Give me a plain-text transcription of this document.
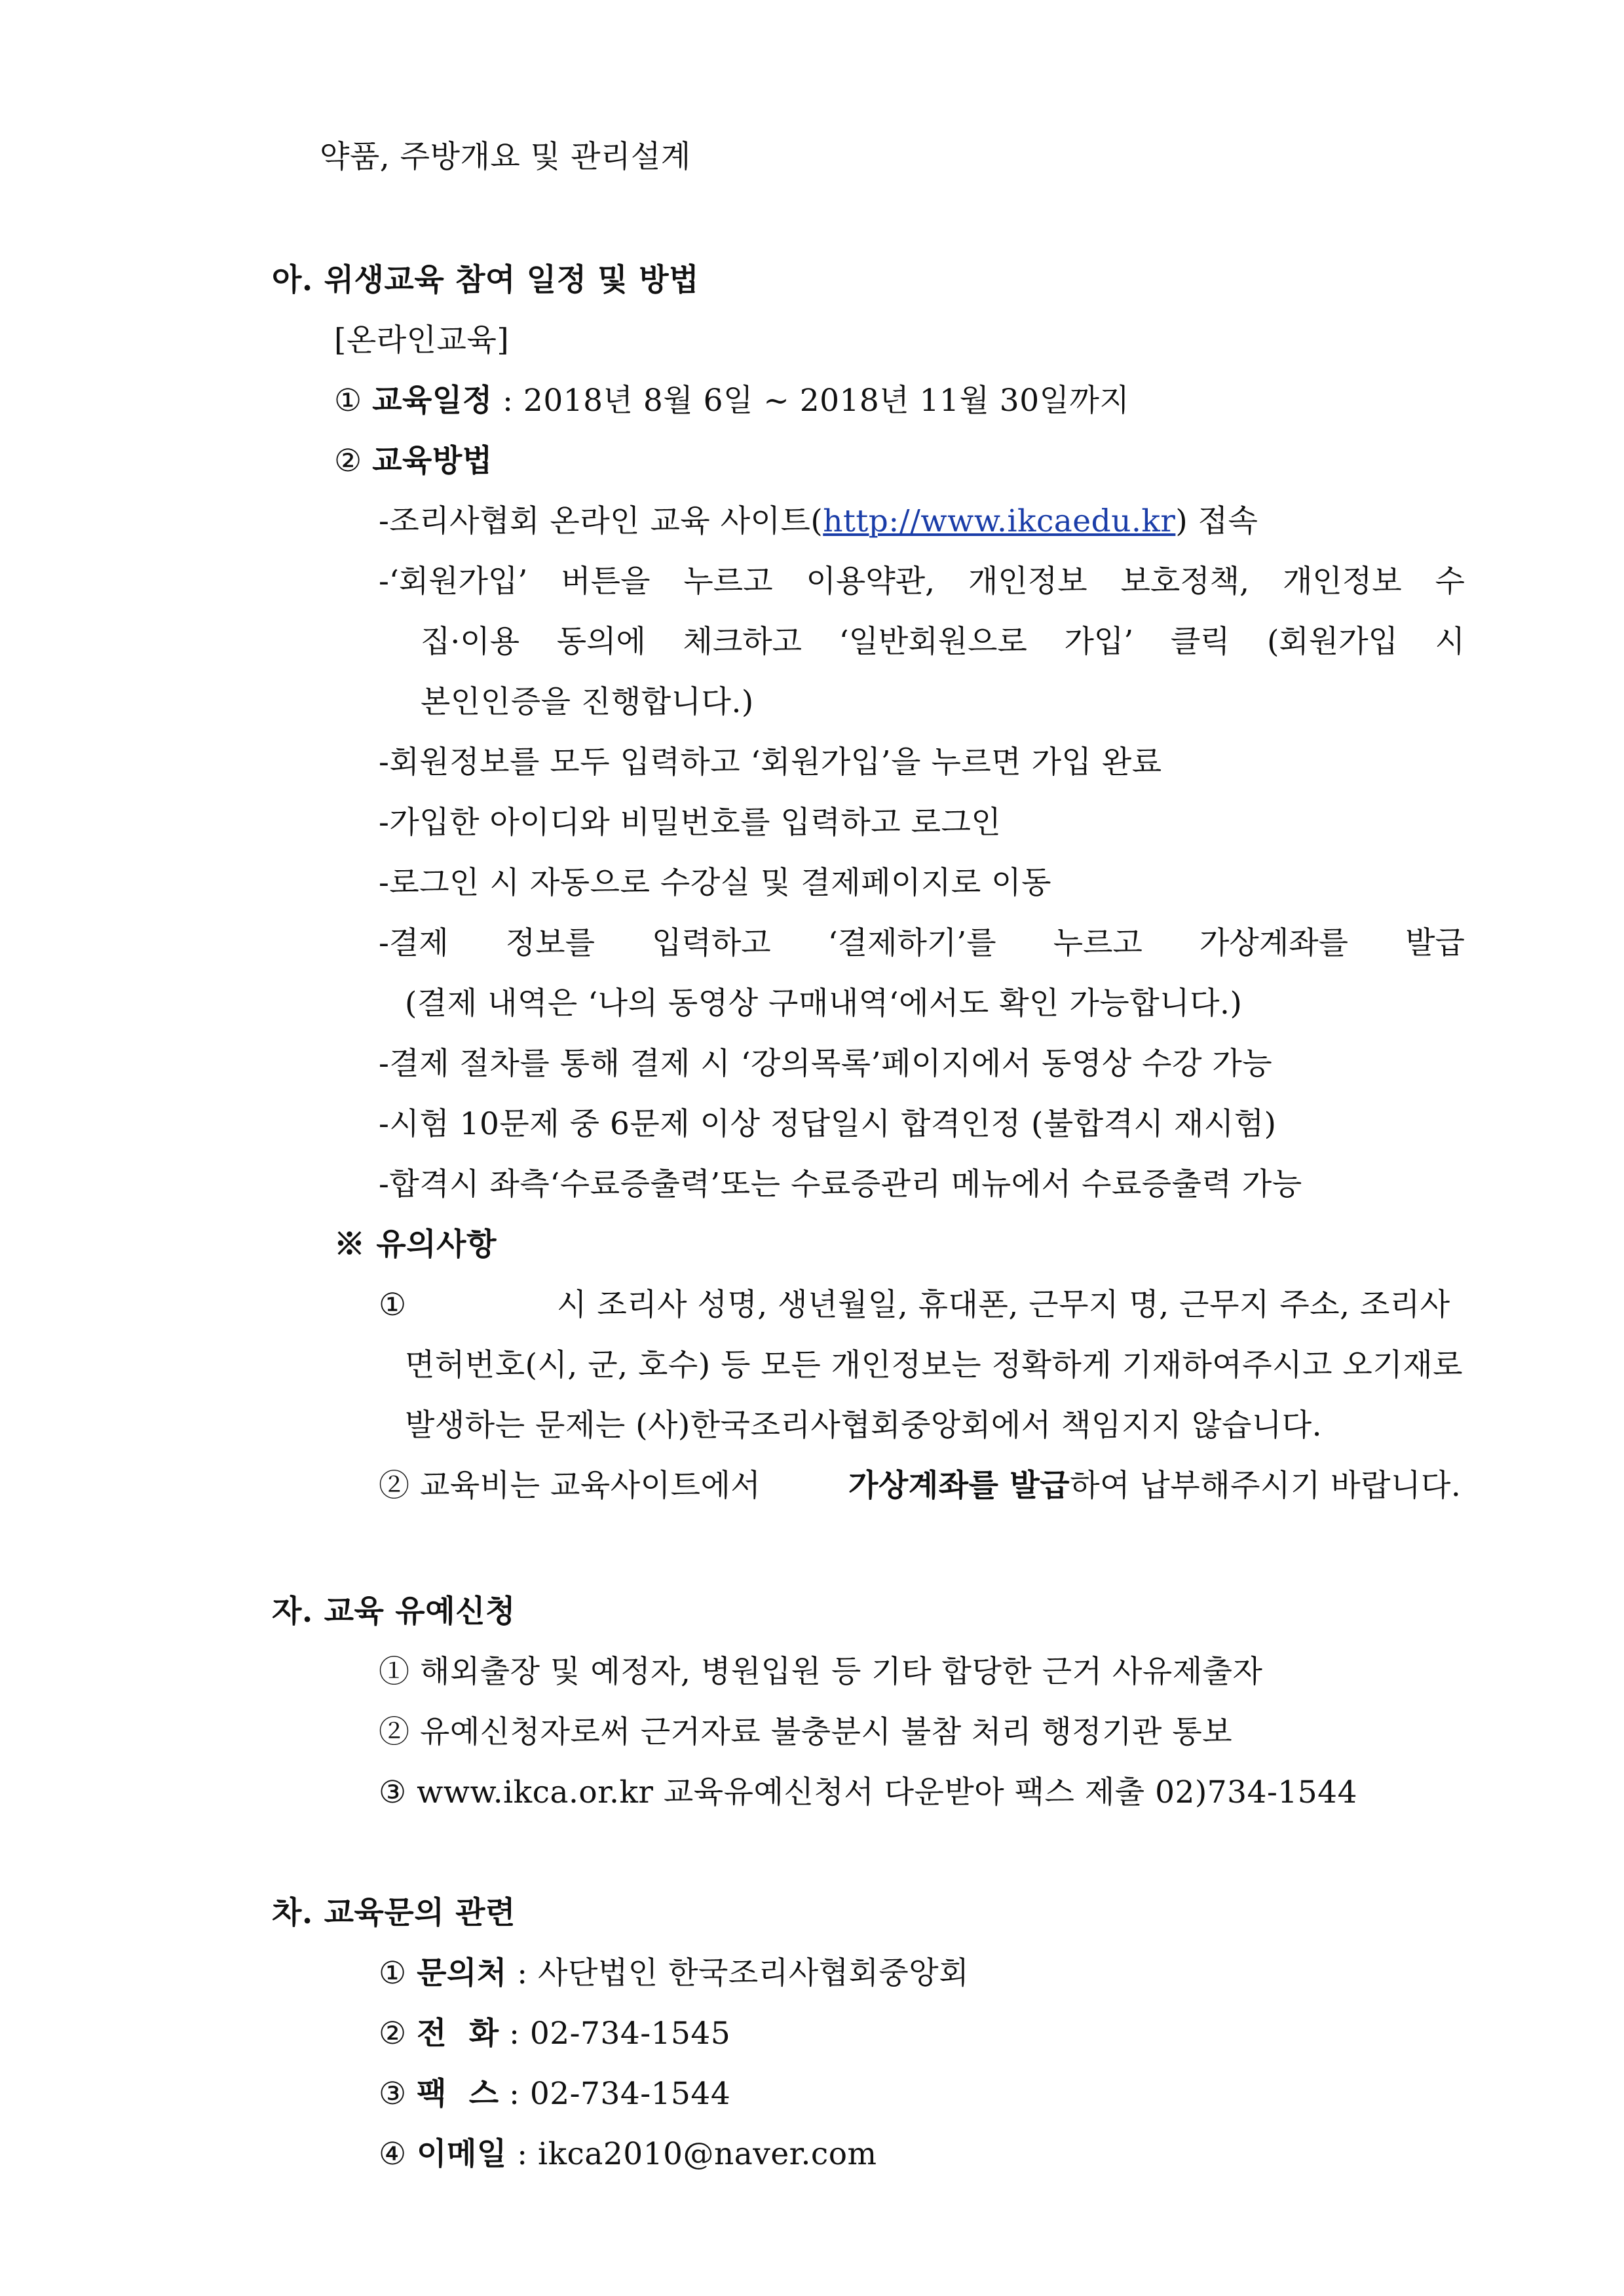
약품, 주방개요 및 관리설계
아. 위생교육 참여 일정 및 방법
[온라인교육]
① 교육일정 : 2018년 8월 6일 ~ 2018년 11월 30일까지
② 교육방법
-조리사협회 온라인 교육 사이트(http://www.ikcaedu.kr) 접속
-‘회원가입’ 버튼을 누르고 이용약관, 개인정보 보호정책, 개인정보 수
집·이용 동의에 체크하고 ‘일반회원으로 가입’ 클릭 (회원가입 시
본인인증을 진행합니다.)
-회원정보를 모두 입력하고 ‘회원가입’을 누르면 가입 완료
-가입한 아이디와 비밀번호를 입력하고 로그인
-로그인 시 자동으로 수강실 및 결제페이지로 이동
-결제 정보를 입력하고 ‘결제하기’를 누르고 가상계좌를 발급
(결제 내역은 ‘나의 동영상 구매내역‘에서도 확인 가능합니다.)
-결제 절차를 통해 결제 시 ‘강의목록’페이지에서 동영상 수강 가능
-시험 10문제 중 6문제 이상 정답일시 합격인정 (불합격시 재시험)
-합격시 좌측‘수료증출력’또는 수료증관리 메뉴에서 수료증출력 가능
※ 유의사항
①	시 조리사 성명, 생년월일, 휴대폰, 근무지 명, 근무지 주소, 조리사
면허번호(시, 군, 호수) 등 모든 개인정보는 정확하게 기재하여주시고 오기재로
발생하는 문제는 (사)한국조리사협회중앙회에서 책임지지 않습니다.
② 교육비는 교육사이트에서	가상계좌를 발급하여 납부해주시기 바랍니다.
자. 교육 유예신청
① 해외출장 및 예정자, 병원입원 등 기타 합당한 근거 사유제출자
② 유예신청자로써 근거자료 불충분시 불참 처리 행정기관 통보
③ www.ikca.or.kr 교육유예신청서 다운받아 팩스 제출 02)734-1544
차. 교육문의 관련
① 문의처 : 사단법인 한국조리사협회중앙회
② 전  화 : 02-734-1545
③ 팩  스 : 02-734-1544
④ 이메일 : ikca2010@naver.com
